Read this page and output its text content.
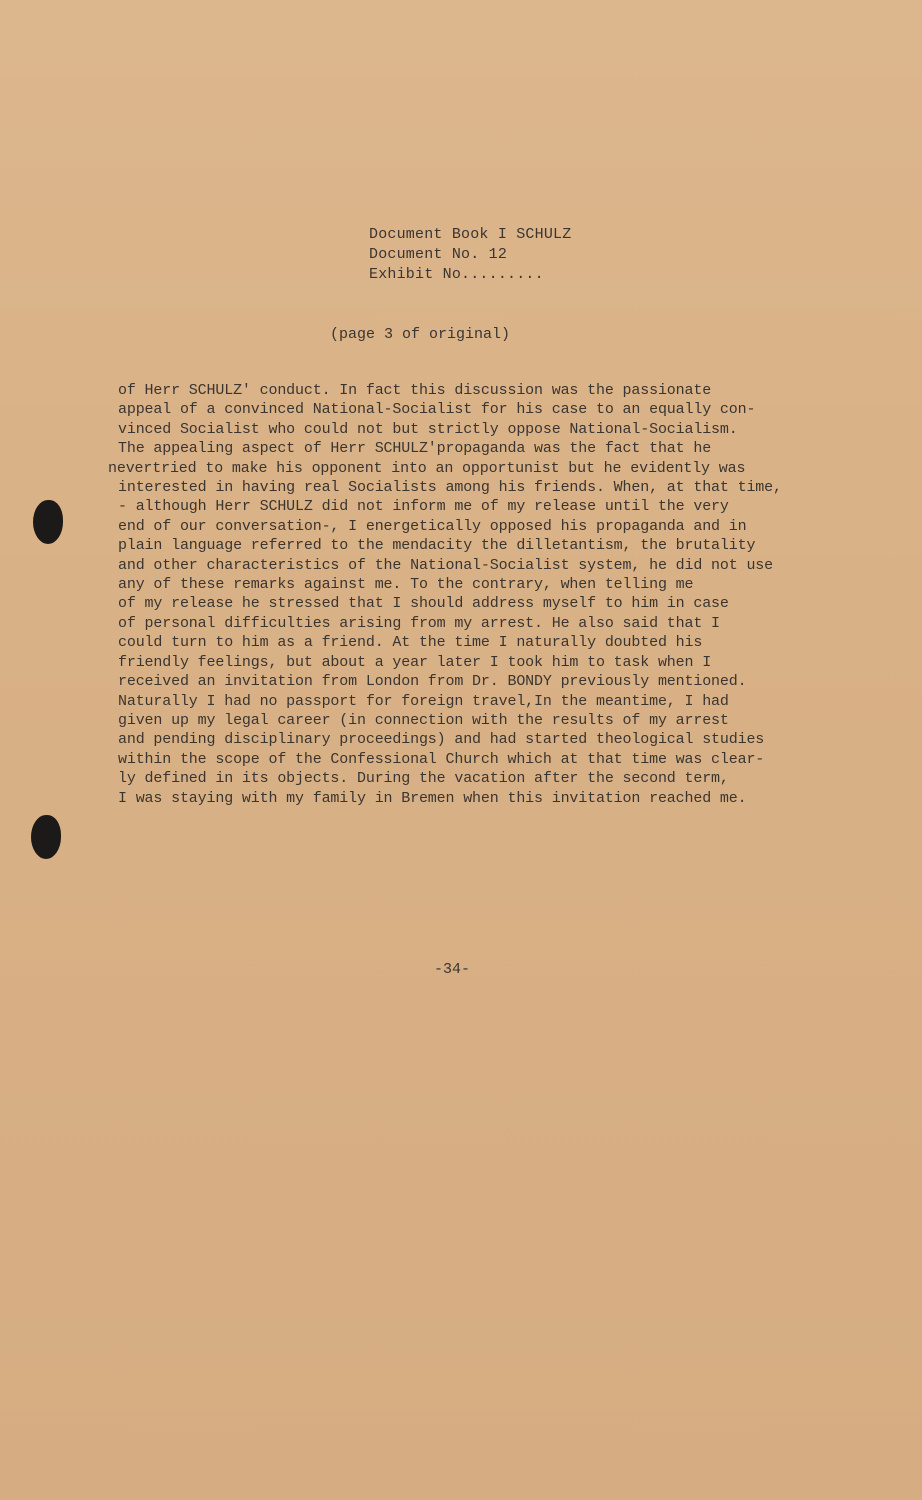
Document Book I SCHULZ
Document No. 12
Exhibit No.........
(page 3 of original)
of Herr SCHULZ' conduct. In fact this discussion was the passionate
appeal of a convinced National-Socialist for his case to an equally con-
vinced Socialist who could not but strictly oppose National-Socialism.
The appealing aspect of Herr SCHULZ'propaganda was the fact that he
nevertried to make his opponent into an opportunist but he evidently was
interested in having real Socialists among his friends. When, at that time,
- although Herr SCHULZ did not inform me of my release until the very
end of our conversation-, I energetically opposed his propaganda and in
plain language referred to the mendacity the dilletantism, the brutality
and other characteristics of the National-Socialist system, he did not use
any of these remarks against me. To the contrary, when telling me
of my release he stressed that I should address myself to him in case
of personal difficulties arising from my arrest. He also said that I
could turn to him as a friend. At the time I naturally doubted his
friendly feelings, but about a year later I took him to task when I
received an invitation from London from Dr. BONDY previously mentioned.
Naturally I had no passport for foreign travel,In the meantime, I had
given up my legal career (in connection with the results of my arrest
and pending disciplinary proceedings) and had started theological studies
within the scope of the Confessional Church which at that time was clear-
ly defined in its objects. During the vacation after the second term,
I was staying with my family in Bremen when this invitation reached me.
-34-
